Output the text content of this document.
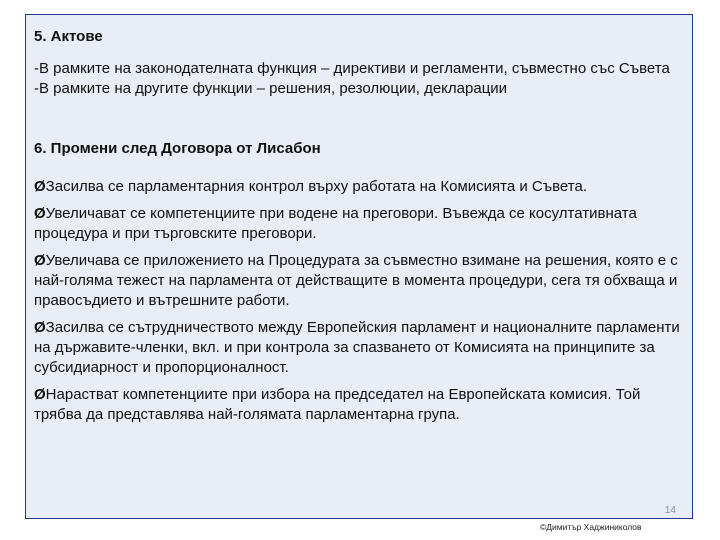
5. Актове
-В рамките на законодателната функция – директиви и регламенти, съвместно със Съвета
-В рамките на другите функции – решения, резолюции, декларации
6. Промени след Договора от Лисабон
ØЗасилва се парламентарния контрол върху работата на Комисията и Съвета.
ØУвеличават се компетенциите при водене на преговори. Въвежда се косултативната процедура и при търговските преговори.
ØУвеличава се приложението на Процедурата за съвместно взимане на решения, която е с най-голяма тежест на парламента от действащите в момента процедури, сега тя обхваща и правосъдието и вътрешните работи.
ØЗасилва се сътрудничеството между Европейския парламент и националните парламенти на държавите-членки, вкл. и при контрола за спазването от Комисията на принципите за субсидиарност и пропорционалност.
ØНарастват компетенциите при избора на председател на Европейската комисия. Той трябва да представлява най-голямата парламентарна група.
14
©Димитър Хаджиниколов
